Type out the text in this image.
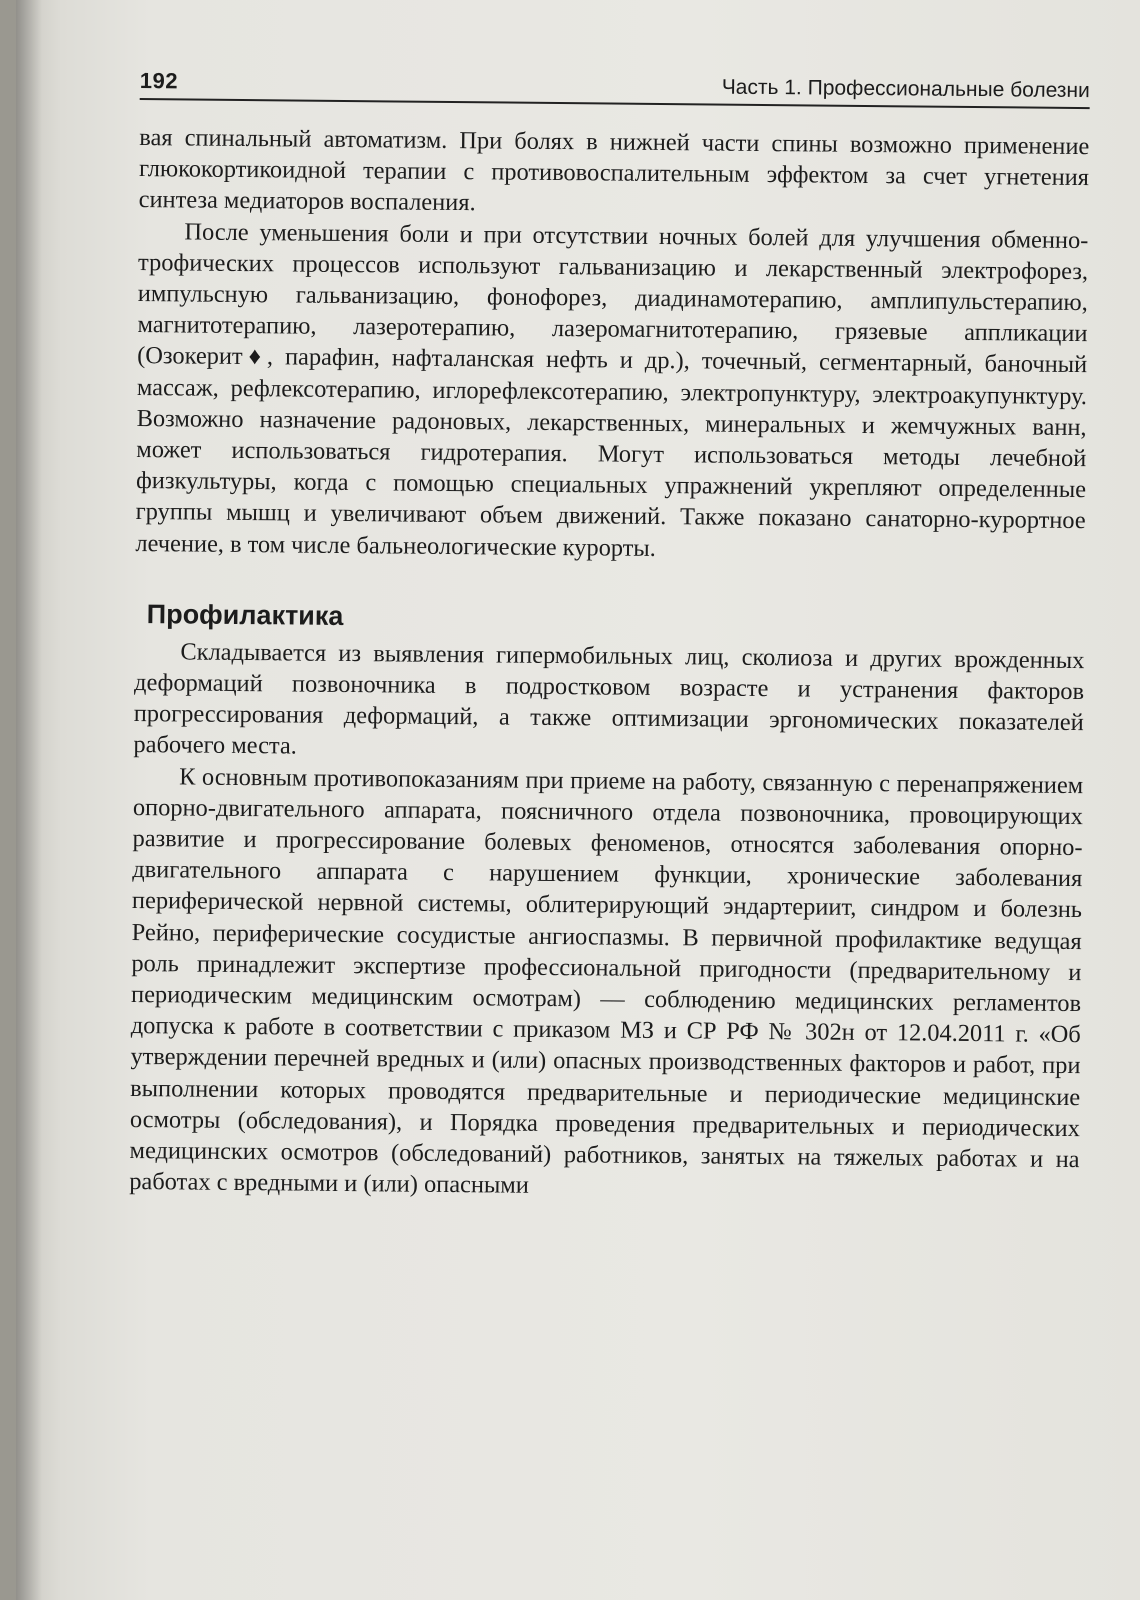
192	Часть 1. Профессиональные болезни

вая спинальный автоматизм. При болях в нижней части спины возможно применение глюкокортикоидной терапии с противовоспалительным эффектом за счет угнетения синтеза медиаторов воспаления.

После уменьшения боли и при отсутствии ночных болей для улучшения обменно-трофических процессов используют гальванизацию и лекарственный электрофорез, импульсную гальванизацию, фонофорез, диадинамотерапию, амплипульстерапию, магнитотерапию, лазеротерапию, лазеромагнитотерапию, грязевые аппликации (Озокерит♦, парафин, нафталанская нефть и др.), точечный, сегментарный, баночный массаж, рефлексотерапию, иглорефлексотерапию, электропунктуру, электроакупунктуру. Возможно назначение радоновых, лекарственных, минеральных и жемчужных ванн, может использоваться гидротерапия. Могут использоваться методы лечебной физкультуры, когда с помощью специальных упражнений укрепляют определенные группы мышц и увеличивают объем движений. Также показано санаторно-курортное лечение, в том числе бальнеологические курорты.

Профилактика

Складывается из выявления гипермобильных лиц, сколиоза и других врожденных деформаций позвоночника в подростковом возрасте и устранения факторов прогрессирования деформаций, а также оптимизации эргономических показателей рабочего места.

К основным противопоказаниям при приеме на работу, связанную с перенапряжением опорно-двигательного аппарата, поясничного отдела позвоночника, провоцирующих развитие и прогрессирование болевых феноменов, относятся заболевания опорно-двигательного аппарата с нарушением функции, хронические заболевания периферической нервной системы, облитерирующий эндартериит, синдром и болезнь Рейно, периферические сосудистые ангиоспазмы. В первичной профилактике ведущая роль принадлежит экспертизе профессиональной пригодности (предварительному и периодическим медицинским осмотрам) — соблюдению медицинских регламентов допуска к работе в соответствии с приказом МЗ и СР РФ № 302н от 12.04.2011 г. «Об утверждении перечней вредных и (или) опасных производственных факторов и работ, при выполнении которых проводятся предварительные и периодические медицинские осмотры (обследования), и Порядка проведения предварительных и периодических медицинских осмотров (обследований) работников, занятых на тяжелых работах и на работах с вредными и (или) опасными
